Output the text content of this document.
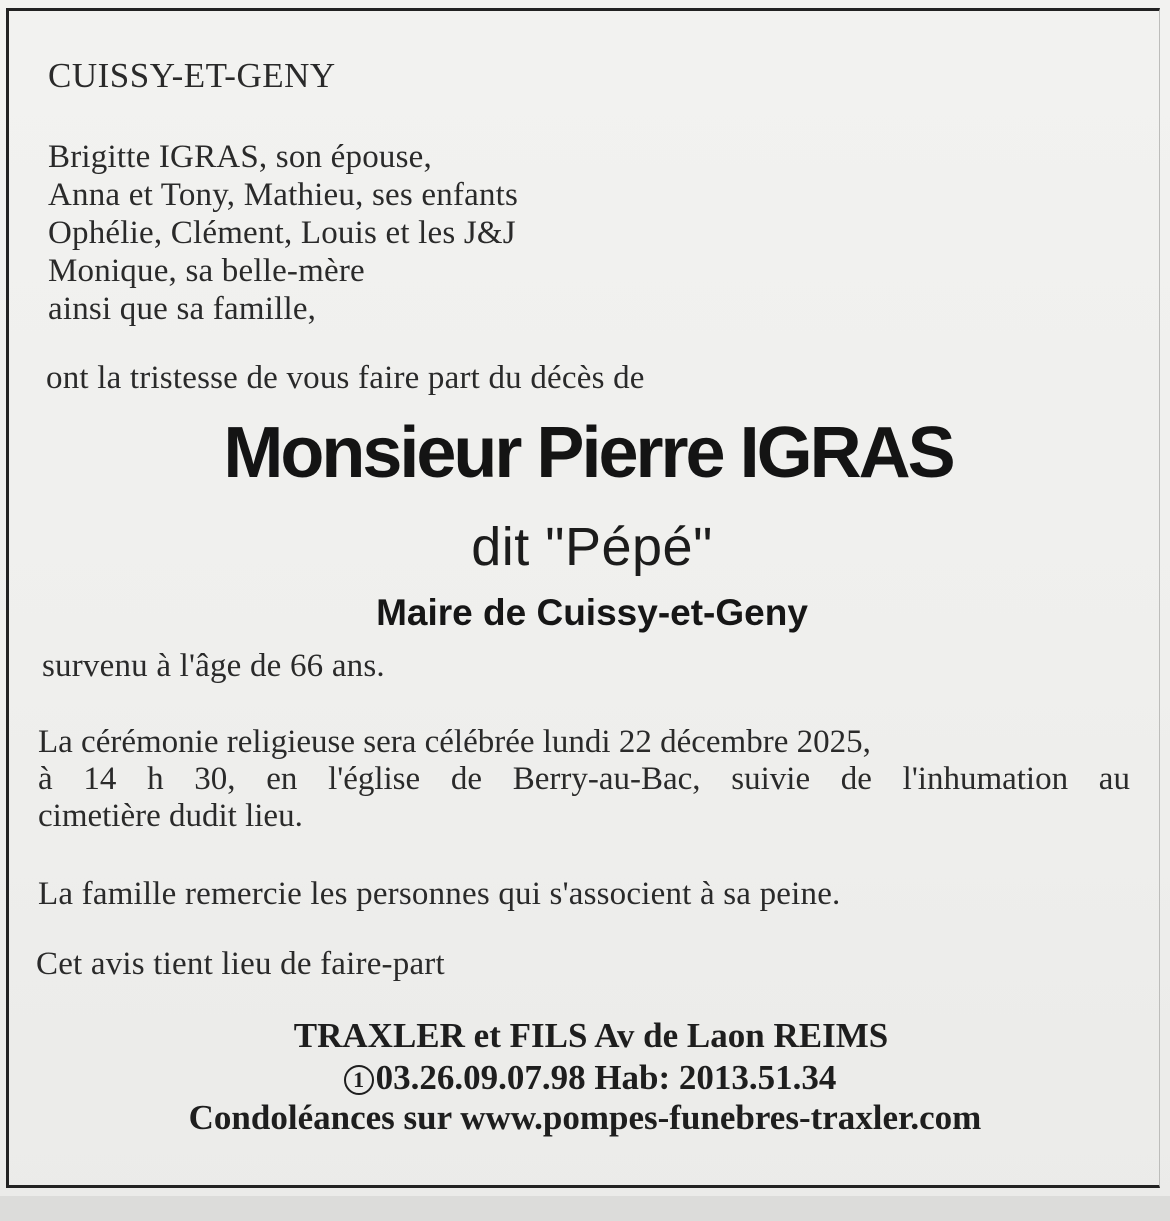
CUISSY-ET-GENY
Brigitte IGRAS, son épouse,
Anna et Tony, Mathieu, ses enfants
Ophélie, Clément, Louis et les J&J
Monique, sa belle-mère
ainsi que sa famille,
ont la tristesse de vous faire part du décès de
Monsieur Pierre IGRAS
dit "Pépé"
Maire de Cuissy-et-Geny
survenu à l'âge de 66 ans.
La cérémonie religieuse sera célébrée lundi 22 décembre 2025,
à 14 h 30, en l'église de Berry-au-Bac, suivie de l'inhumation au
cimetière dudit lieu.
La famille remercie les personnes qui s'associent à sa peine.
Cet avis tient lieu de faire-part
TRAXLER et FILS Av de Laon REIMS
1 03.26.09.07.98 Hab: 2013.51.34
Condoléances sur www.pompes-funebres-traxler.com
